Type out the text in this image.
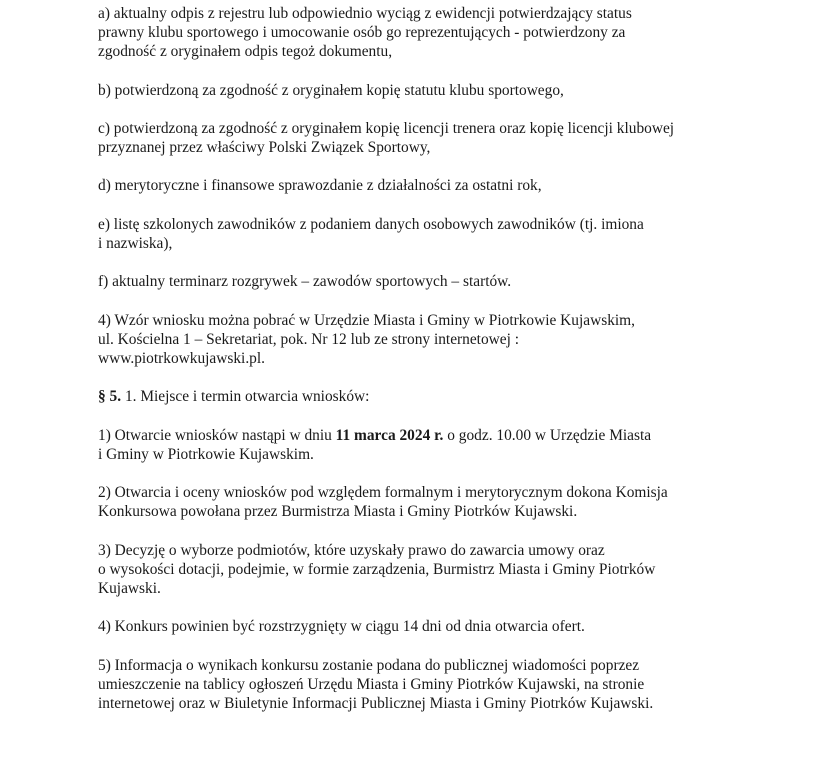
a) aktualny odpis z rejestru lub odpowiednio wyciąg z ewidencji potwierdzający status
prawny klubu sportowego i umocowanie osób go reprezentujących - potwierdzony za
zgodność z oryginałem odpis tegoż dokumentu,

b) potwierdzoną za zgodność z oryginałem kopię statutu klubu sportowego,

c) potwierdzoną za zgodność z oryginałem kopię licencji trenera oraz kopię licencji klubowej
przyznanej przez właściwy Polski Związek Sportowy,

d) merytoryczne i finansowe sprawozdanie z działalności za ostatni rok,

e) listę szkolonych zawodników z podaniem danych osobowych zawodników (tj. imiona
i nazwiska),

f) aktualny terminarz rozgrywek – zawodów sportowych – startów.

4) Wzór wniosku można pobrać w Urzędzie Miasta i Gminy w Piotrkowie Kujawskim,
ul. Kościelna 1 – Sekretariat, pok. Nr 12 lub ze strony internetowej :
www.piotrkowkujawski.pl.

§ 5. 1. Miejsce i termin otwarcia wniosków:

1) Otwarcie wniosków nastąpi w dniu 11 marca 2024 r. o godz. 10.00 w Urzędzie Miasta
i Gminy w Piotrkowie Kujawskim.

2) Otwarcia i oceny wniosków pod względem formalnym i merytorycznym dokona Komisja
Konkursowa powołana przez Burmistrza Miasta i Gminy Piotrków Kujawski.

3) Decyzję o wyborze podmiotów, które uzyskały prawo do zawarcia umowy oraz
o wysokości dotacji, podejmie, w formie zarządzenia, Burmistrz Miasta i Gminy Piotrków
Kujawski.

4) Konkurs powinien być rozstrzygnięty w ciągu 14 dni od dnia otwarcia ofert.

5) Informacja o wynikach konkursu zostanie podana do publicznej wiadomości poprzez
umieszczenie na tablicy ogłoszeń Urzędu Miasta i Gminy Piotrków Kujawski, na stronie
internetowej oraz w Biuletynie Informacji Publicznej Miasta i Gminy Piotrków Kujawski.
